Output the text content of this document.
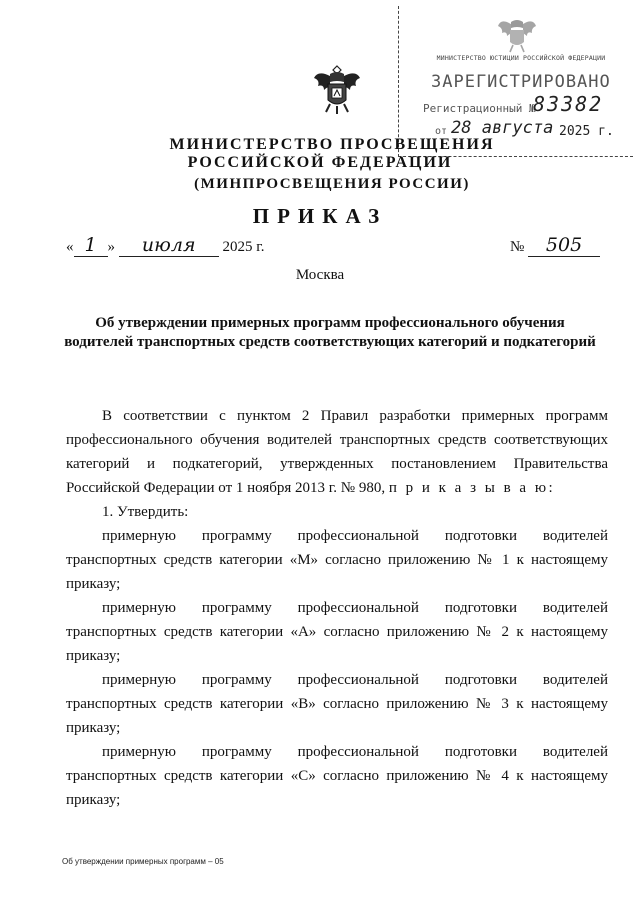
МИНИСТЕРСТВО ЮСТИЦИИ РОССИЙСКОЙ ФЕДЕРАЦИИ
ЗАРЕГИСТРИРОВАНО
Регистрационный №
83382
от 28 августа 2025 г.
МИНИСТЕРСТВО ПРОСВЕЩЕНИЯ
РОССИЙСКОЙ ФЕДЕРАЦИИ
(МИНПРОСВЕЩЕНИЯ РОССИИ)
ПРИКАЗ
« 1 » июля 2025 г.	№ 505
Москва
Об утверждении примерных программ профессионального обучения водителей транспортных средств соответствующих категорий и подкатегорий

В соответствии с пунктом 2 Правил разработки примерных программ профессионального обучения водителей транспортных средств соответствующих категорий и подкатегорий, утвержденных постановлением Правительства Российской Федерации от 1 ноября 2013 г. № 980, п р и к а з ы в а ю:

1. Утвердить:

примерную программу профессиональной подготовки водителей транспортных средств категории «М» согласно приложению № 1 к настоящему приказу;

примерную программу профессиональной подготовки водителей транспортных средств категории «А» согласно приложению № 2 к настоящему приказу;

примерную программу профессиональной подготовки водителей транспортных средств категории «B» согласно приложению № 3 к настоящему приказу;

примерную программу профессиональной подготовки водителей транспортных средств категории «C» согласно приложению № 4 к настоящему приказу;

Об утверждении примерных программ – 05
